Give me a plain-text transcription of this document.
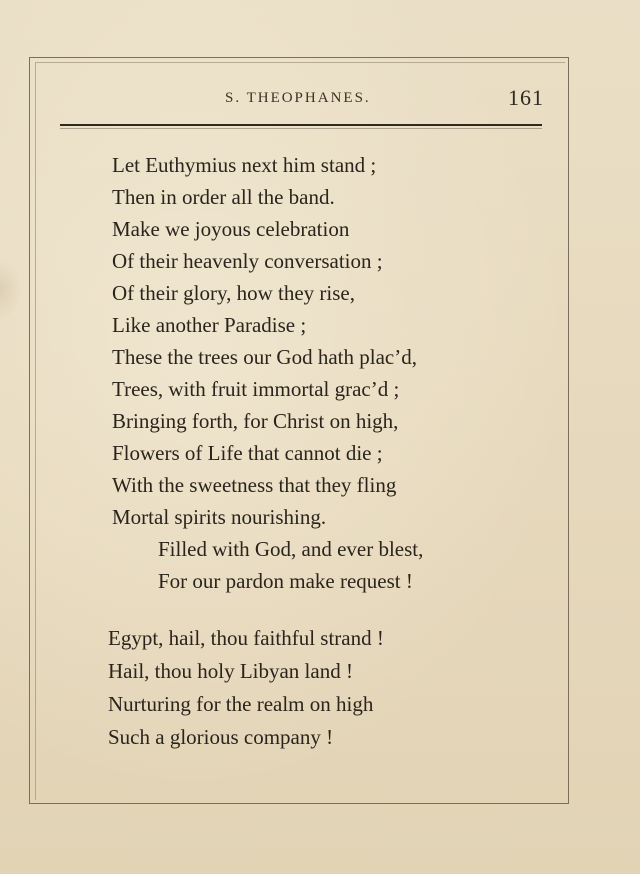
S. THEOPHANES.	161
Let Euthymius next him stand ;
Then in order all the band.
Make we joyous celebration
Of their heavenly conversation ;
Of their glory, how they rise,
Like another Paradise ;
These the trees our God hath plac’d,
Trees, with fruit immortal grac’d ;
Bringing forth, for Christ on high,
Flowers of Life that cannot die ;
With the sweetness that they fling
Mortal spirits nourishing.
Filled with God, and ever blest,
For our pardon make request !
Egypt, hail, thou faithful strand !
Hail, thou holy Libyan land !
Nurturing for the realm on high
Such a glorious company !
